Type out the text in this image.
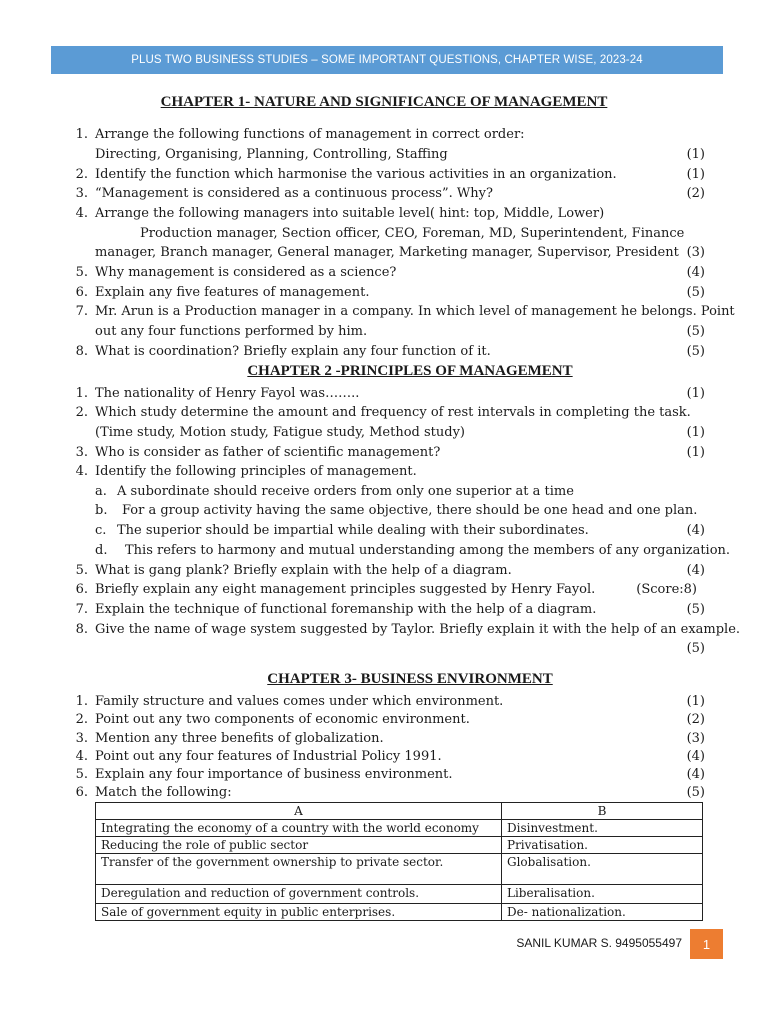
PLUS TWO BUSINESS STUDIES – SOME IMPORTANT QUESTIONS, CHAPTER WISE, 2023-24
CHAPTER 1- NATURE AND SIGNIFICANCE OF MANAGEMENT
1. Arrange the following functions of management in correct order:
Directing, Organising, Planning, Controlling, Staffing	(1)
2. Identify the function which harmonise the various activities in an organization.	(1)
3. “Management is considered as a continuous process”. Why?	(2)
4. Arrange the following managers into suitable level( hint: top, Middle, Lower)
Production manager, Section officer, CEO, Foreman, MD, Superintendent, Finance
manager, Branch manager, General manager, Marketing manager, Supervisor, President (3)
5. Why management is considered as a science?	(4)
6. Explain any five features of management.	(5)
7. Mr. Arun is a Production manager in a company. In which level of management he belongs. Point
out any four functions performed by him.	(5)
8. What is coordination? Briefly explain any four function of it.	(5)
CHAPTER 2 -PRINCIPLES OF MANAGEMENT
1. The nationality of Henry Fayol was……..	(1)
2. Which study determine the amount and frequency of rest intervals in completing the task.
(Time study, Motion study, Fatigue study, Method study)	(1)
3. Who is consider as father of scientific management?	(1)
4. Identify the following principles of management.
a. A subordinate should receive orders from only one superior at a time
b. For a group activity having the same objective, there should be one head and one plan.
c. The superior should be impartial while dealing with their subordinates.	(4)
d. This refers to harmony and mutual understanding among the members of any organization.
5. What is gang plank? Briefly explain with the help of a diagram.	(4)
6. Briefly explain any eight management principles suggested by Henry Fayol.	(Score:8)
7. Explain the technique of functional foremanship with the help of a diagram.	(5)
8. Give the name of wage system suggested by Taylor. Briefly explain it with the help of an example.
(5)
CHAPTER 3- BUSINESS ENVIRONMENT
1. Family structure and values comes under which environment.	(1)
2. Point out any two components of economic environment.	(2)
3. Mention any three benefits of globalization.	(3)
4. Point out any four features of Industrial Policy 1991.	(4)
5. Explain any four importance of business environment.	(4)
6. Match the following:	(5)
A	B
Integrating the economy of a country with the world economy	Disinvestment.
Reducing the role of public sector	Privatisation.
Transfer of the government ownership to private sector.	Globalisation.
Deregulation and reduction of government controls.	Liberalisation.
Sale of government equity in public enterprises.	De- nationalization.
SANIL KUMAR S. 9495055497 1
